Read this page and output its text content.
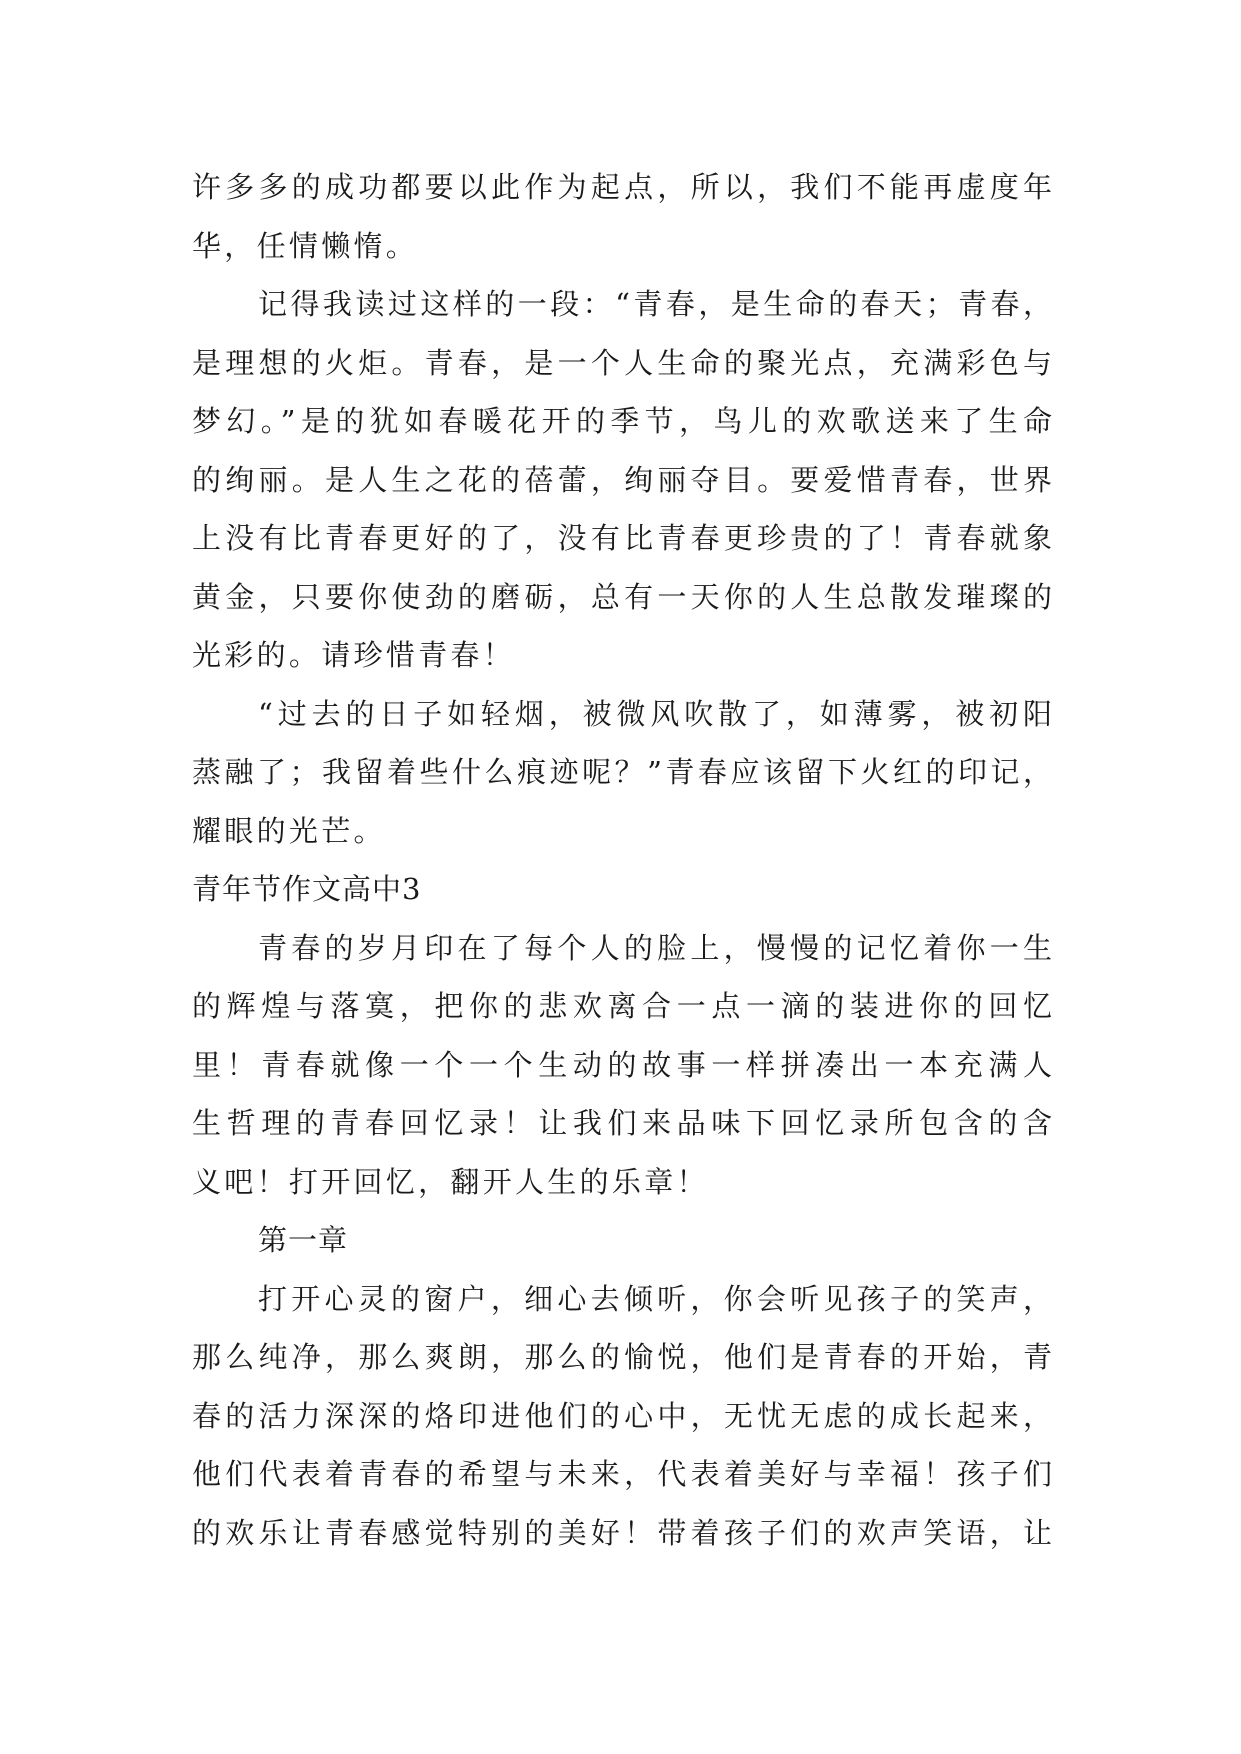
许多多的成功都要以此作为起点，所以，我们不能再虚度年
华，任情懒惰。
记得我读过这样的一段：“青春，是生命的春天；青春，
是理想的火炬。青春，是一个人生命的聚光点，充满彩色与
梦幻。”是的犹如春暖花开的季节，鸟儿的欢歌送来了生命
的绚丽。是人生之花的蓓蕾，绚丽夺目。要爱惜青春，世界
上没有比青春更好的了，没有比青春更珍贵的了！青春就象
黄金，只要你使劲的磨砺，总有一天你的人生总散发璀璨的
光彩的。请珍惜青春！
“过去的日子如轻烟，被微风吹散了，如薄雾，被初阳
蒸融了；我留着些什么痕迹呢？”青春应该留下火红的印记，
耀眼的光芒。
青年节作文高中3
青春的岁月印在了每个人的脸上，慢慢的记忆着你一生
的辉煌与落寞，把你的悲欢离合一点一滴的装进你的回忆
里！青春就像一个一个生动的故事一样拼凑出一本充满人
生哲理的青春回忆录！让我们来品味下回忆录所包含的含
义吧！打开回忆，翻开人生的乐章！
第一章
打开心灵的窗户，细心去倾听，你会听见孩子的笑声，
那么纯净，那么爽朗，那么的愉悦，他们是青春的开始，青
春的活力深深的烙印进他们的心中，无忧无虑的成长起来，
他们代表着青春的希望与未来，代表着美好与幸福！孩子们
的欢乐让青春感觉特别的美好！带着孩子们的欢声笑语，让
